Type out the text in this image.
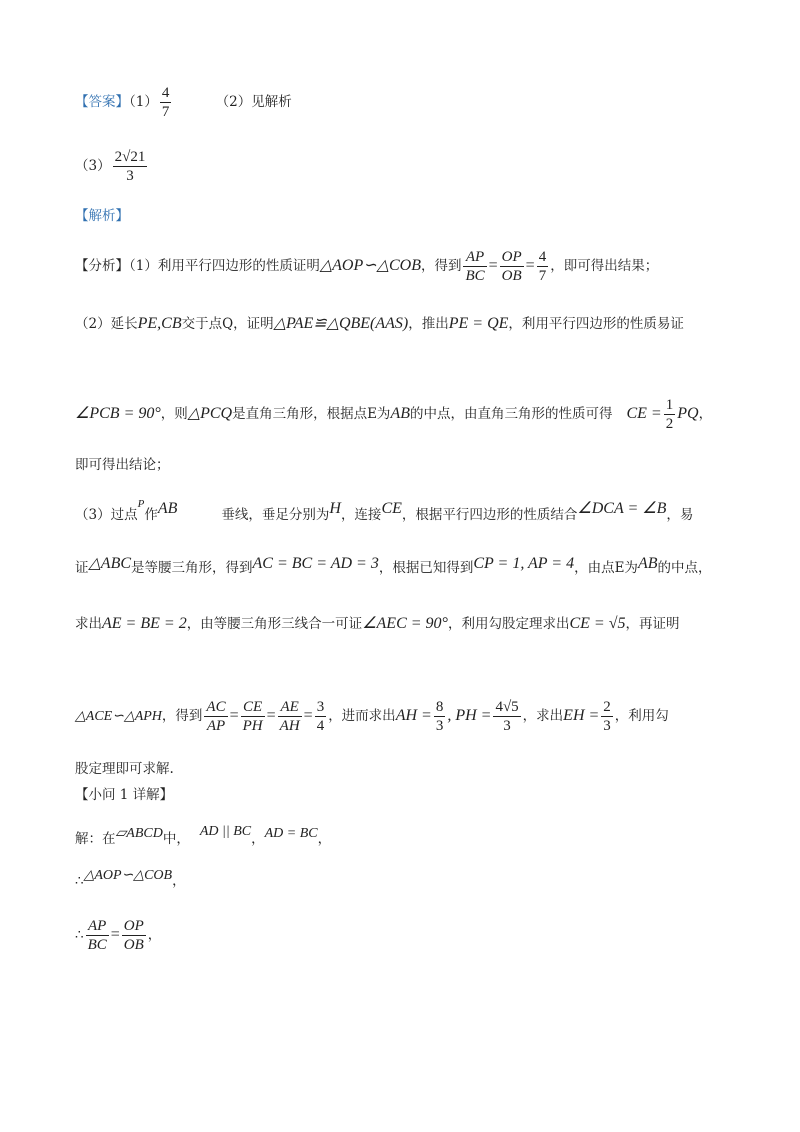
【答案】$(1) \frac{4}{7}$	（2）见解析
$(3) \frac{2√21}{3}$
【解析】
【分析】（1）利用平行四边形的性质证明△AOP∽△COB，得到 $\frac{AP}{BC} = \frac{OP}{OB} = \frac{4}{7}$ ，即可得出结果；
（2）延长PE,CB交于点Q，证明△PAE≌△QBE(AAS)，推出PE = QE，利用平行四边形的性质易证
∠PCB = 90°，则△PCQ是直角三角形，根据点E为AB的中点，由直角三角形的性质可得 CE = $\frac{1}{2}$ PQ，
即可得出结论；
（3）过点$^P$作AB	垂线，垂足分别为H，连接CE，根据平行四边形的性质结合∠DCA = ∠B，易
证△ABC是等腰三角形，得到AC = BC = AD = 3，根据已知得到CP = 1, AP = 4，由点E为AB的中点，
求出AE = BE = 2，由等腰三角形三线合一可证∠AEC = 90°，利用勾股定理求出CE = √5，再证明
△ACE∽△APH，得到 $\frac{AC}{AP} = \frac{CE}{PH} = \frac{AE}{AH} = \frac{3}{4}$ ，进而求出AH = $\frac{8}{3}$ , PH = $\frac{4√5}{3}$ ，求出EH = $\frac{2}{3}$ ，利用勾
股定理即可求解.
【小问 1 详解】
解：在▱ABCD中， AD || BC，AD = BC，
∴△AOP∽△COB，
∴ $\frac{AP}{BC} = \frac{OP}{OB}$ ，
